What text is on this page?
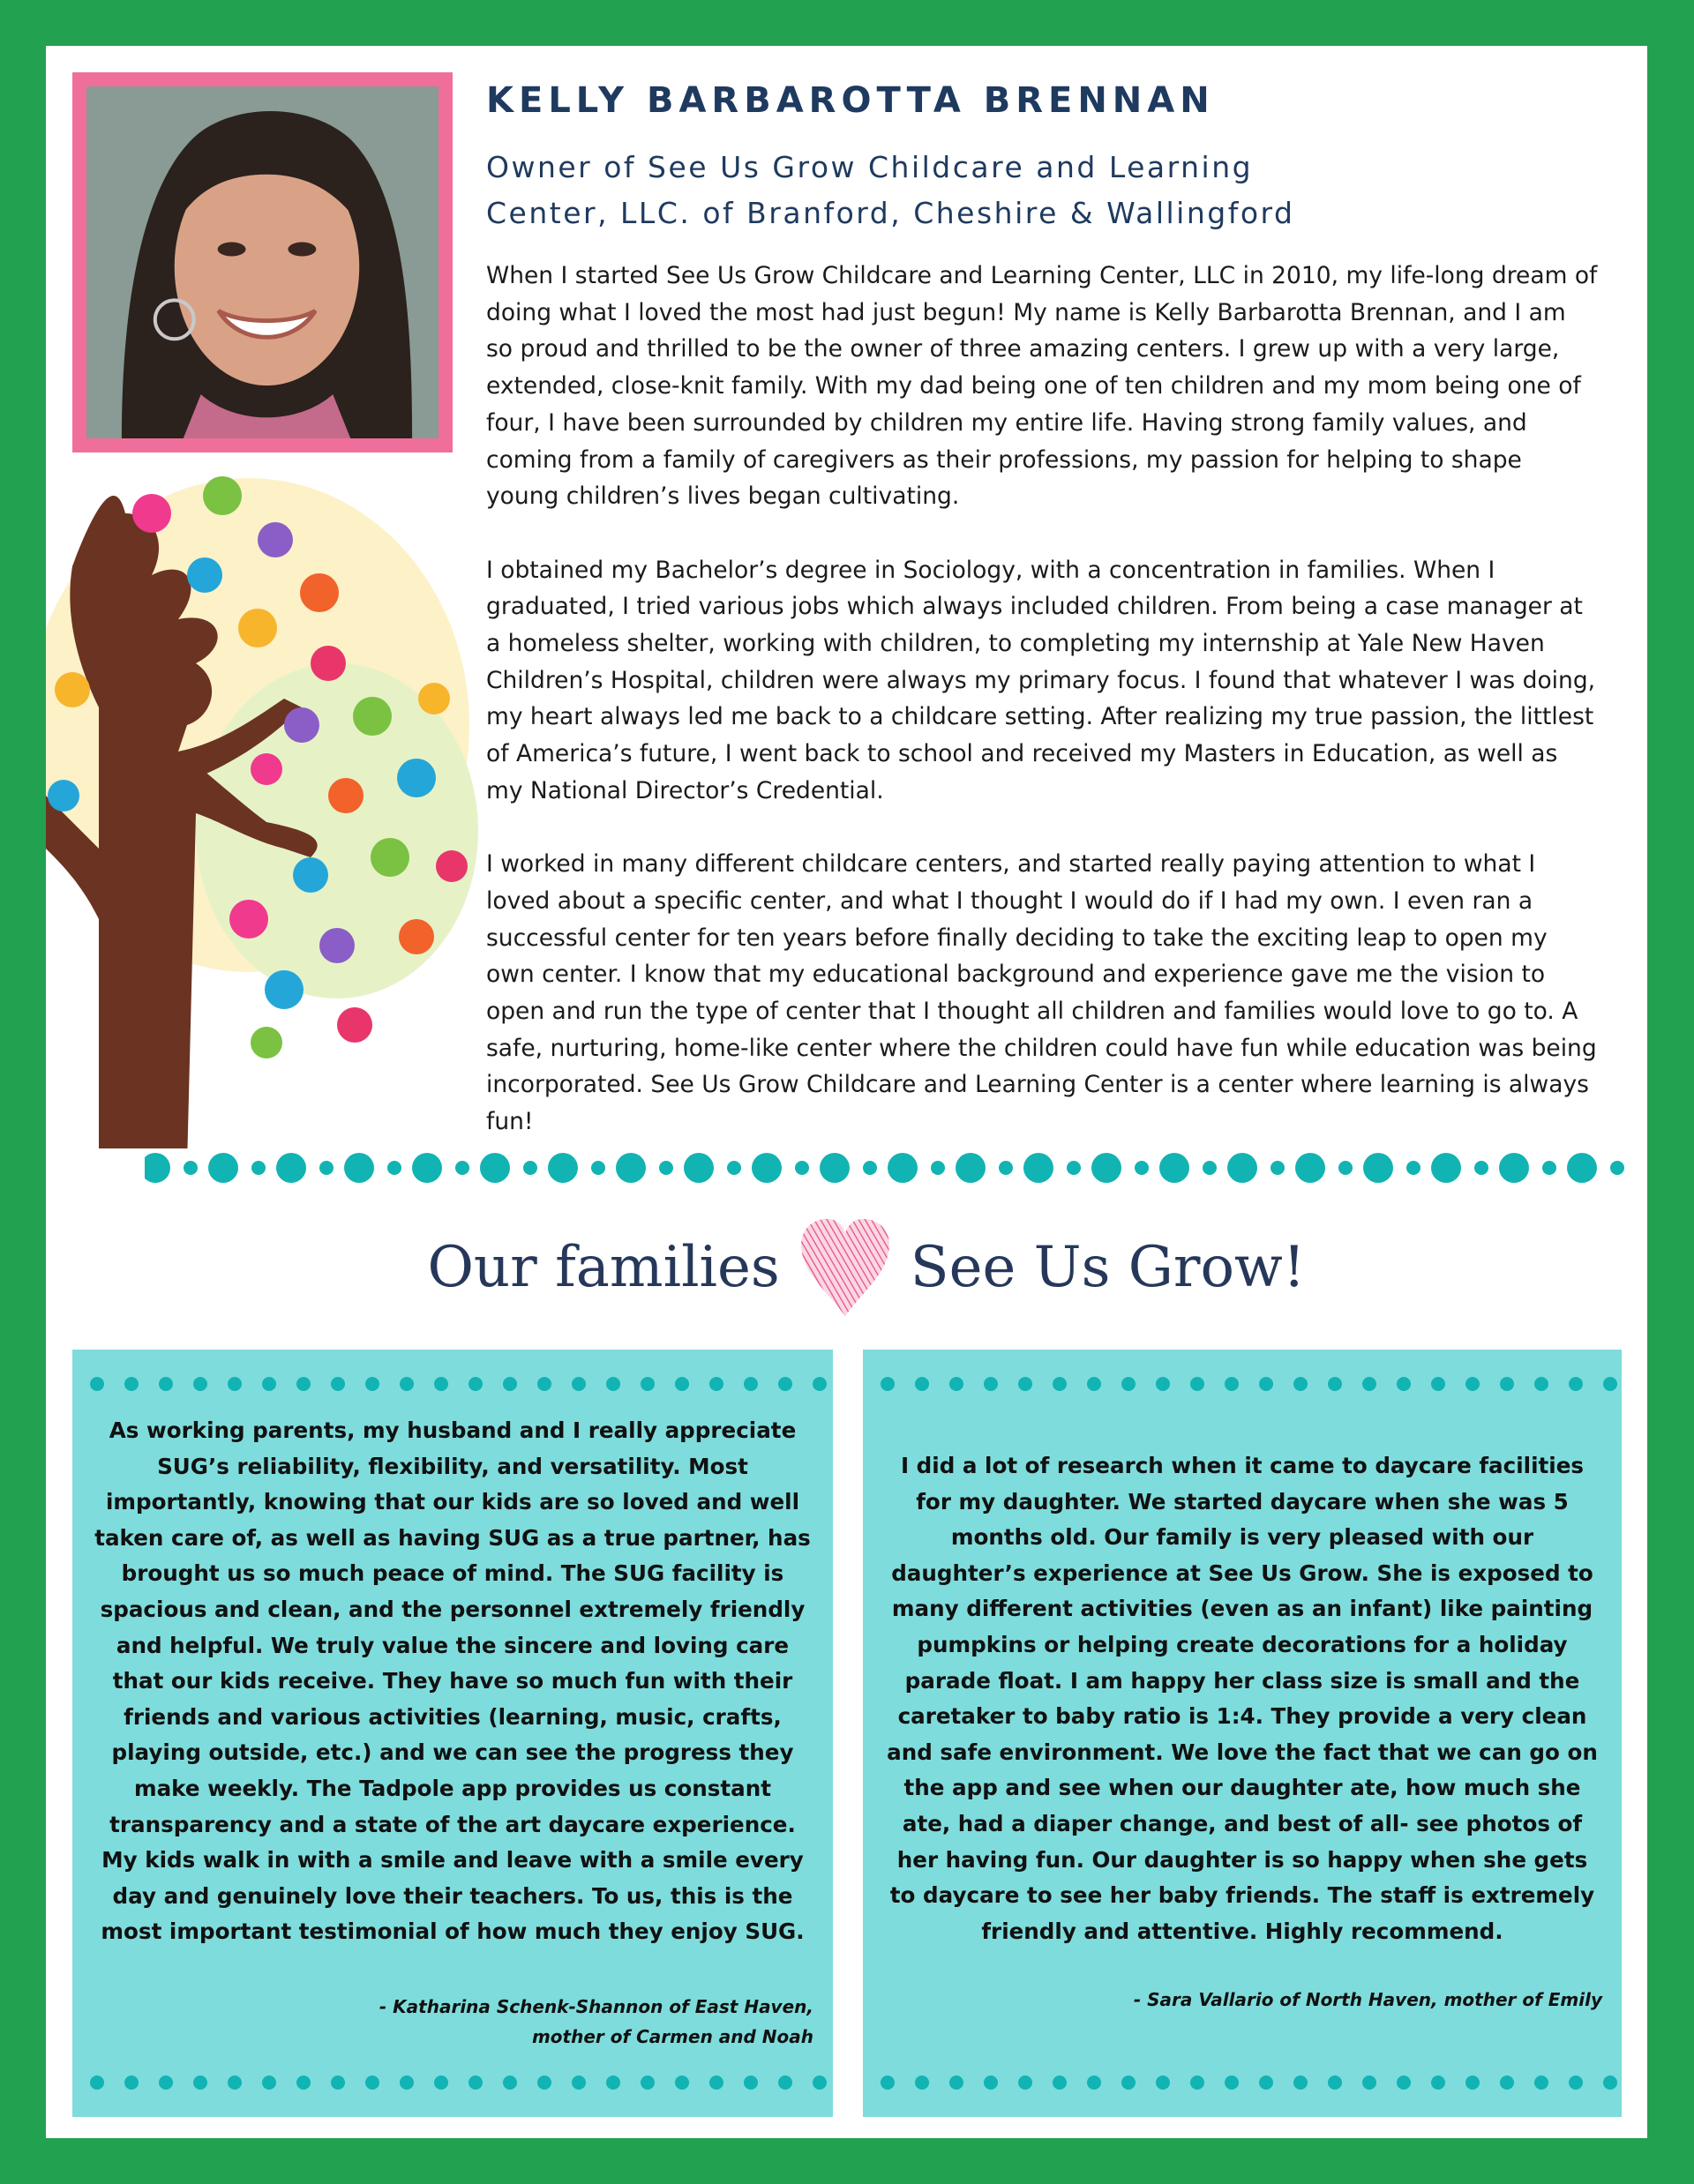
KELLY BARBAROTTA BRENNAN
Owner of See Us Grow Childcare and Learning
Center, LLC. of Branford, Cheshire & Wallingford

When I started See Us Grow Childcare and Learning Center, LLC in 2010, my life-long dream of doing what I loved the most had just begun! My name is Kelly Barbarotta Brennan, and I am so proud and thrilled to be the owner of three amazing centers. I grew up with a very large, extended, close-knit family. With my dad being one of ten children and my mom being one of four, I have been surrounded by children my entire life. Having strong family values, and coming from a family of caregivers as their professions, my passion for helping to shape young children’s lives began cultivating.

I obtained my Bachelor’s degree in Sociology, with a concentration in families. When I graduated, I tried various jobs which always included children. From being a case manager at a homeless shelter, working with children, to completing my internship at Yale New Haven Children’s Hospital, children were always my primary focus. I found that whatever I was doing, my heart always led me back to a childcare setting. After realizing my true passion, the littlest of America’s future, I went back to school and received my Masters in Education, as well as my National Director’s Credential.

I worked in many different childcare centers, and started really paying attention to what I loved about a specific center, and what I thought I would do if I had my own. I even ran a successful center for ten years before finally deciding to take the exciting leap to open my own center. I know that my educational background and experience gave me the vision to open and run the type of center that I thought all children and families would love to go to. A safe, nurturing, home-like center where the children could have fun while education was being incorporated. See Us Grow Childcare and Learning Center is a center where learning is always fun!

Our families See Us Grow!
As working parents, my husband and I really appreciate SUG’s reliability, flexibility, and versatility. Most importantly, knowing that our kids are so loved and well taken care of, as well as having SUG as a true partner, has brought us so much peace of mind. The SUG facility is spacious and clean, and the personnel extremely friendly and helpful. We truly value the sincere and loving care that our kids receive. They have so much fun with their friends and various activities (learning, music, crafts, playing outside, etc.) and we can see the progress they make weekly. The Tadpole app provides us constant transparency and a state of the art daycare experience. My kids walk in with a smile and leave with a smile every day and genuinely love their teachers. To us, this is the most important testimonial of how much they enjoy SUG.
- Katharina Schenk-Shannon of East Haven,
mother of Carmen and Noah
I did a lot of research when it came to daycare facilities for my daughter. We started daycare when she was 5 months old. Our family is very pleased with our daughter’s experience at See Us Grow. She is exposed to many different activities (even as an infant) like painting pumpkins or helping create decorations for a holiday parade float. I am happy her class size is small and the caretaker to baby ratio is 1:4. They provide a very clean and safe environment. We love the fact that we can go on the app and see when our daughter ate, how much she ate, had a diaper change, and best of all- see photos of her having fun. Our daughter is so happy when she gets to daycare to see her baby friends. The staff is extremely friendly and attentive. Highly recommend.
- Sara Vallario of North Haven, mother of Emily
